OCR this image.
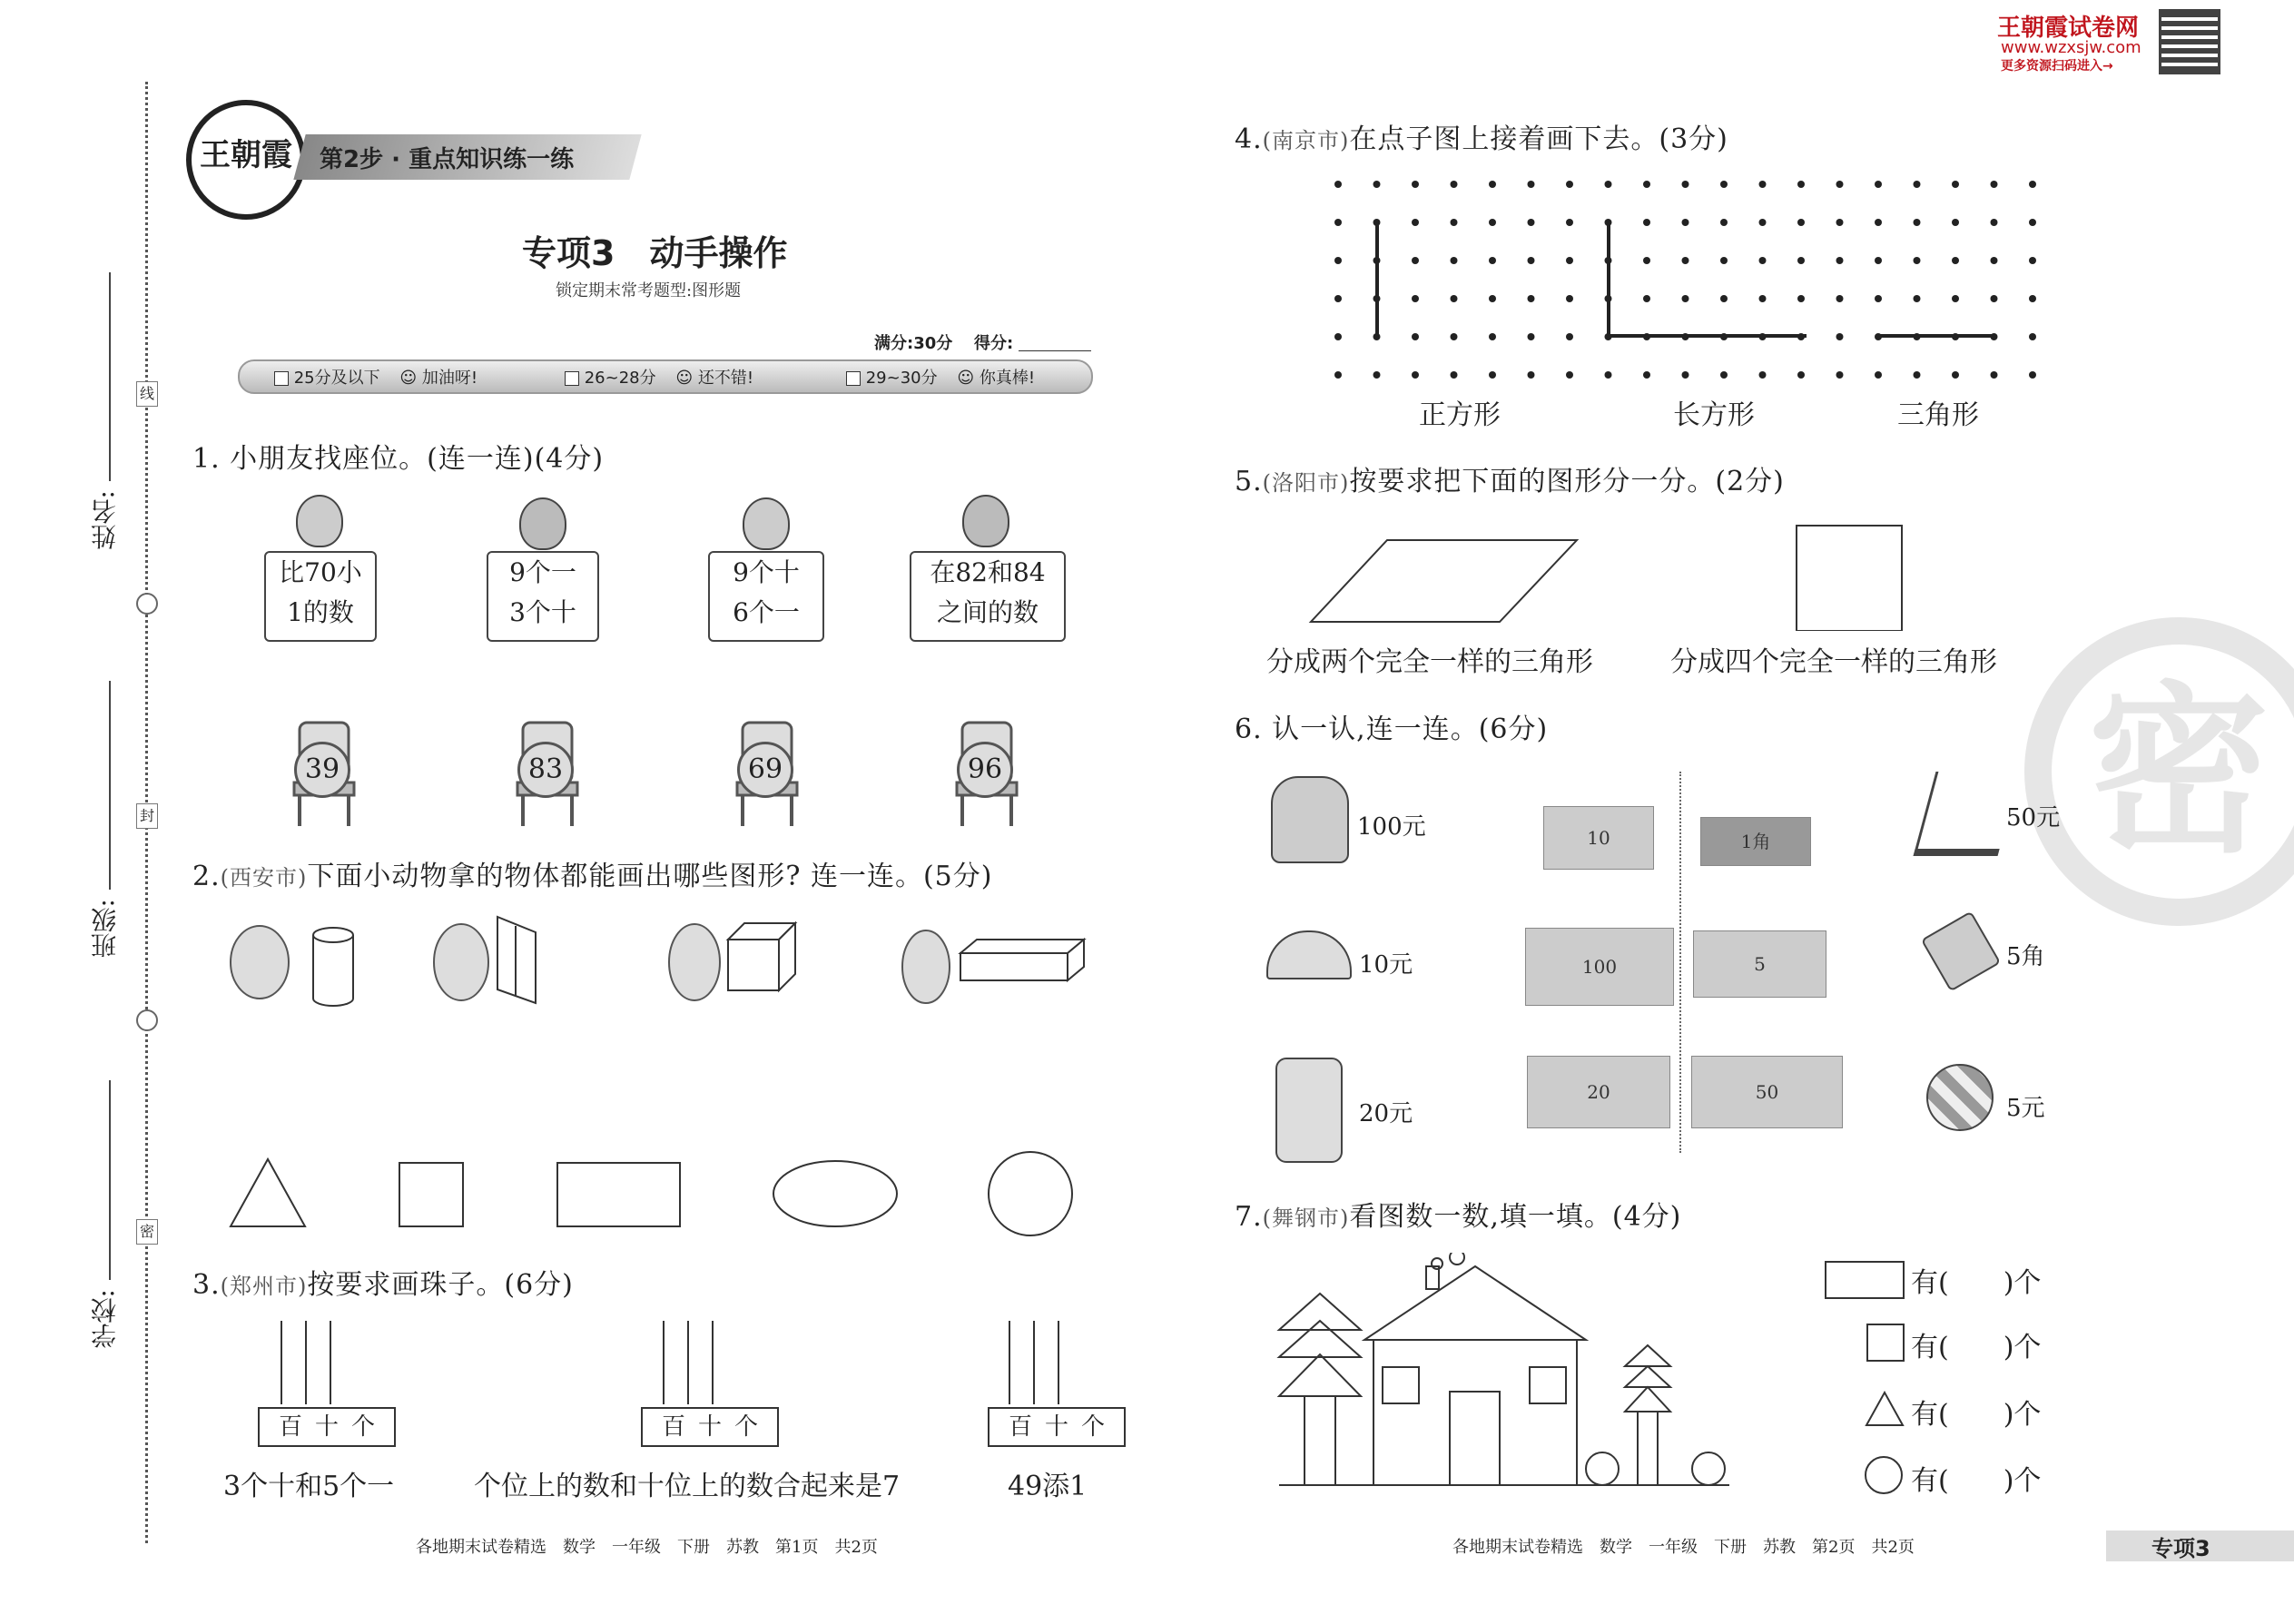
线
封
密
姓名:
班级:
学校:
王朝霞	第2步 · 重点知识练一练
王朝霞试卷网
www.wzxsjw.com
更多资源扫码进入→
专项3　动手操作
锁定期末常考题型:图形题
满分:30分 得分:
25分及以下 ☺ 加油呀!	26~28分 ☺ 还不错!	29~30分 ☺ 你真棒!
1. 小朋友找座位。(连一连)(4分)
比70小
1的数
9个一
3个十
9个十
6个一
在82和84
之间的数
39	83	69	96
2.(西安市)下面小动物拿的物体都能画出哪些图形? 连一连。(5分)
3.(郑州市)按要求画珠子。(6分)
百十个	百十个	百十个
3个十和5个一	个位上的数和十位上的数合起来是7	49添1
各地期末试卷精选　数学　一年级　下册　苏教　第1页　共2页
密
4.(南京市)在点子图上接着画下去。(3分)
正方形	长方形	三角形
5.(洛阳市)按要求把下面的图形分一分。(2分)
分成两个完全一样的三角形	分成四个完全一样的三角形
6. 认一认,连一连。(6分)
100元
10元
20元
10	1角
100	5
20	50
50元
5角
5元
7.(舞钢市)看图数一数,填一填。(4分)
有(　　)个
有(　　)个
有(　　)个
有(　　)个
各地期末试卷精选　数学　一年级　下册　苏教　第2页　共2页	专项3
